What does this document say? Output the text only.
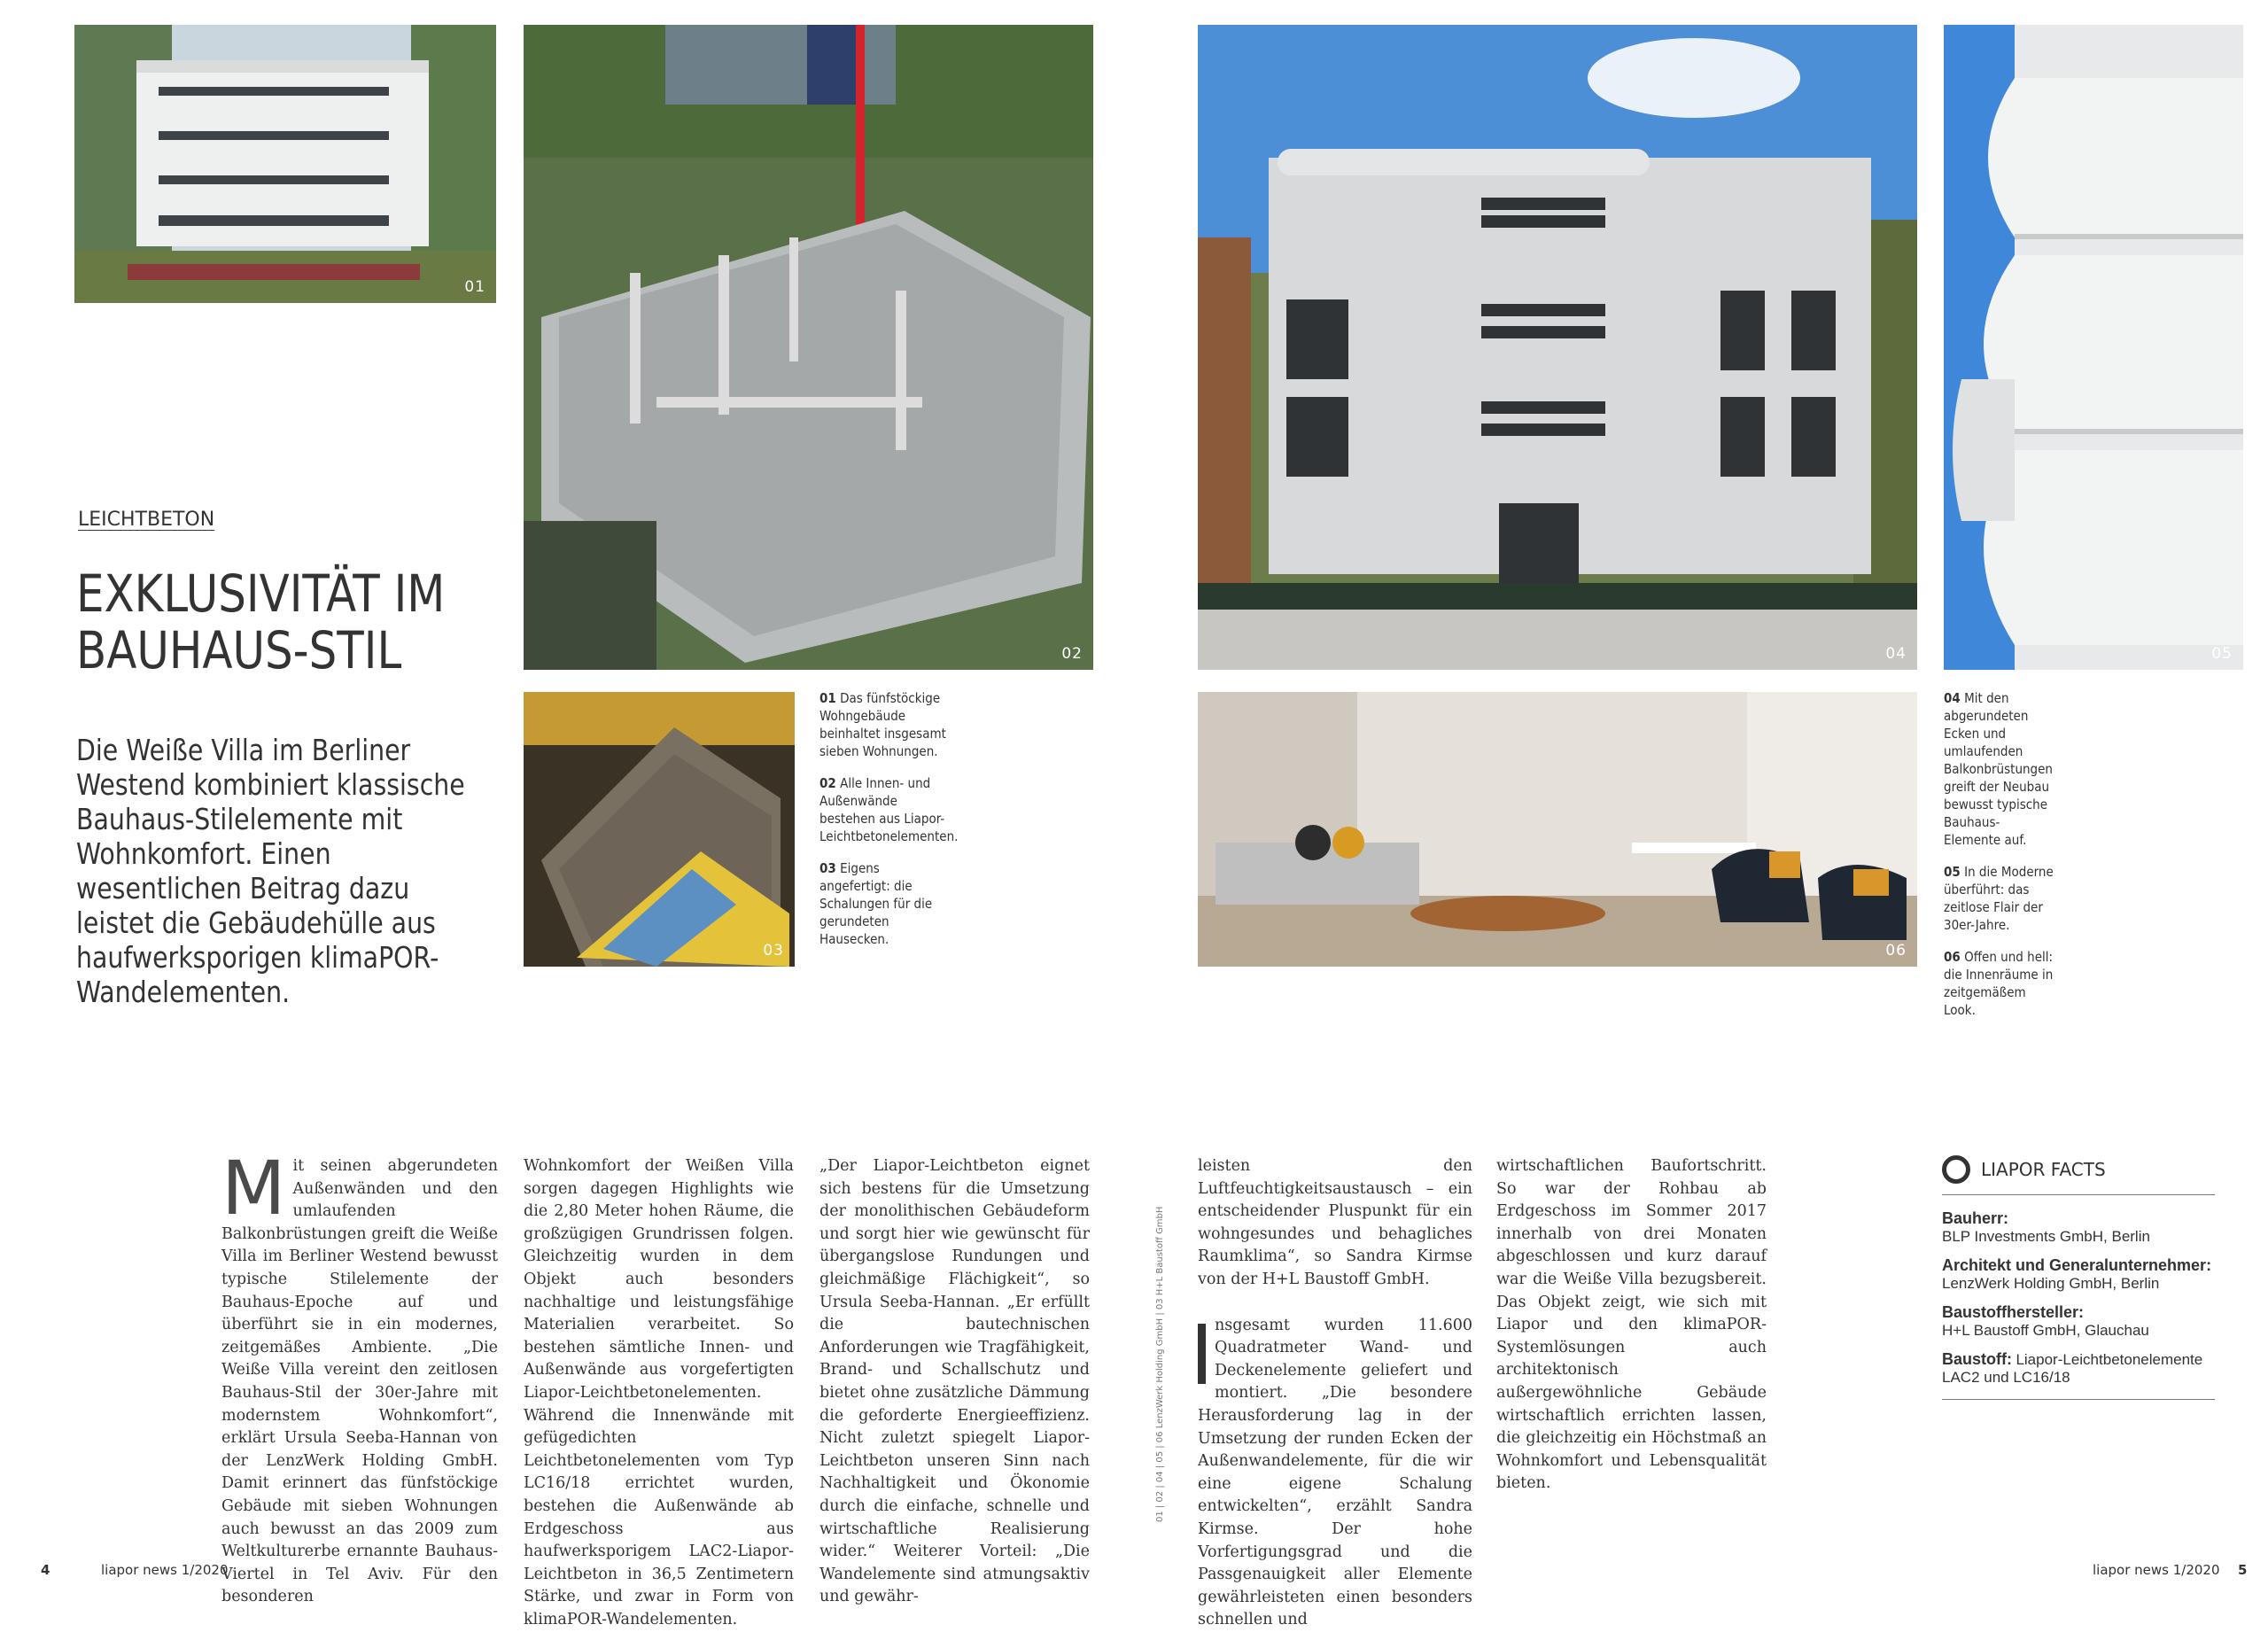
01
02
03
04	05
06
LEICHTBETON
EXKLUSIVITÄT IM
BAUHAUS-STIL
Die Weiße Villa im Berliner Westend kombiniert klassische Bauhaus-Stilelemente mit Wohnkomfort. Einen wesentlichen Beitrag dazu leistet die Gebäudehülle aus haufwerksporigen klimaPOR-Wandelementen.
01 Das fünfstöckige Wohngebäude beinhaltet insgesamt sieben Wohnungen.
02 Alle Innen- und Außenwände bestehen aus Liapor-Leichtbetonelementen.
03 Eigens angefertigt: die Schalungen für die gerundeten Hausecken.
04 Mit den abgerundeten Ecken und umlaufenden Balkonbrüstungen greift der Neubau bewusst typische Bauhaus-Elemente auf.
05 In die Moderne überführt: das zeitlose Flair der 30er-Jahre.
06 Offen und hell: die Innenräume in zeitgemäßem Look.
M it seinen abgerundeten Außenwänden und den umlaufenden Balkonbrüstungen greift die Weiße Villa im Berliner Westend bewusst typische Stilelemente der Bauhaus-Epoche auf und überführt sie in ein modernes, zeitgemäßes Ambiente. „Die Weiße Villa vereint den zeitlosen Bauhaus-Stil der 30er-Jahre mit modernstem Wohnkomfort“, erklärt Ursula Seeba-Hannan von der LenzWerk Holding GmbH. Damit erinnert das fünfstöckige Gebäude mit sieben Wohnungen auch bewusst an das 2009 zum Weltkulturerbe ernannte Bauhaus-Viertel in Tel Aviv. Für den besonderen

Wohnkomfort der Weißen Villa sorgen dagegen Highlights wie die 2,80 Meter hohen Räume, die großzügigen Grundrissen folgen. Gleichzeitig wurden in dem Objekt auch besonders nachhaltige und leistungsfähige Materialien verarbeitet. So bestehen sämtliche Innen- und Außenwände aus vorgefertigten Liapor-Leichtbetonelementen. Während die Innenwände mit gefügedichten Leichtbetonelementen vom Typ LC16/18 errichtet wurden, bestehen die Außenwände ab Erdgeschoss aus haufwerksporigem LAC2-Liapor-Leichtbeton in 36,5 Zentimetern Stärke, und zwar in Form von klimaPOR-Wandelementen.

„Der Liapor-Leichtbeton eignet sich bestens für die Umsetzung der monolithischen Gebäudeform und sorgt hier wie gewünscht für übergangslose Rundungen und gleichmäßige Flächigkeit“, so Ursula Seeba-Hannan. „Er erfüllt die bautechnischen Anforderungen wie Tragfähigkeit, Brand- und Schallschutz und bietet ohne zusätzliche Dämmung die geforderte Energieeffizienz. Nicht zuletzt spiegelt Liapor-Leichtbeton unseren Sinn nach Nachhaltigkeit und Ökonomie durch die einfache, schnelle und wirtschaftliche Realisierung wider.“ Weiterer Vorteil: „Die Wandelemente sind atmungsaktiv und gewähr-

01 | 02 | 04 | 05 | 06 LenzWerk Holding GmbH | 03 H+L Baustoff GmbH

leisten den Luftfeuchtigkeitsaustausch – ein entscheidender Pluspunkt für ein wohngesundes und behagliches Raumklima“, so Sandra Kirmse von der H+L Baustoff GmbH.

nsgesamt wurden 11.600 Quadratmeter Wand- und Deckenelemente geliefert und montiert. „Die besondere Herausforderung lag in der Umsetzung der runden Ecken der Außenwandelemente, für die wir eine eigene Schalung entwickelten“, erzählt Sandra Kirmse. Der hohe Vorfertigungsgrad und die Passgenauigkeit aller Elemente gewährleisteten einen besonders schnellen und

wirtschaftlichen Baufortschritt. So war der Rohbau ab Erdgeschoss im Sommer 2017 innerhalb von drei Monaten abgeschlossen und kurz darauf war die Weiße Villa bezugsbereit. Das Objekt zeigt, wie sich mit Liapor und den klimaPOR-Systemlösungen auch architektonisch außergewöhnliche Gebäude wirtschaftlich errichten lassen, die gleichzeitig ein Höchstmaß an Wohnkomfort und Lebensqualität bieten.

LIAPOR FACTS
Bauherr:
BLP Investments GmbH, Berlin
Architekt und Generalunternehmer:
LenzWerk Holding GmbH, Berlin
Baustoffhersteller:
H+L Baustoff GmbH, Glauchau
Baustoff: Liapor-Leichtbetonelemente LAC2 und LC16/18
4	liapor news 1/2020	liapor news 1/2020 5
